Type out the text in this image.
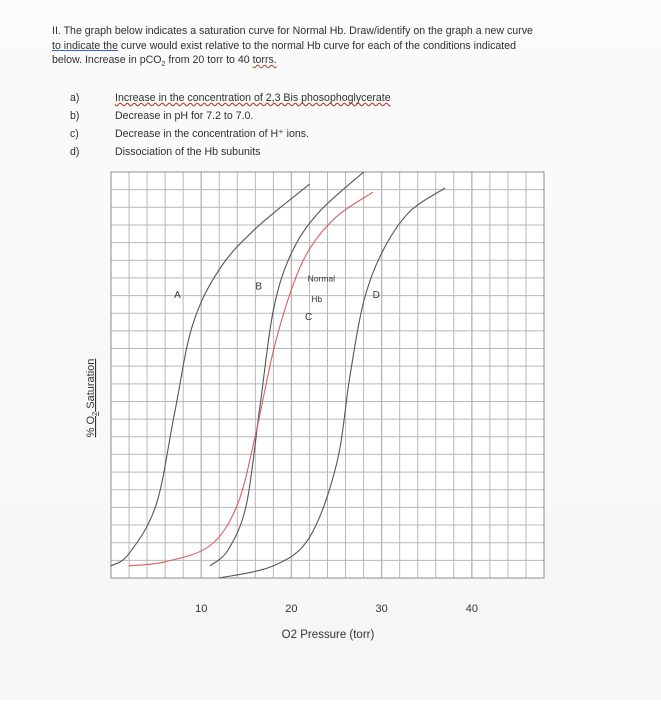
II. The graph below indicates a saturation curve for Normal Hb. Draw/identify on the graph a new curve
to indicate the curve would exist relative to the normal Hb curve for each of the conditions indicated
below. Increase in pCO$_2$ from 20 torr to 40 torrs.
a)	Increase in the concentration of 2,3 Bis phosophoglycerate
b)	Decrease in pH for 7.2 to 7.0.
c)	Decrease in the concentration of H⁺ ions.
d)	Dissociation of the Hb subunits
A
B
Normal
Hb
C
D
10	20	30	40
O2 Pressure (torr)
% $O_2$ Saturation
